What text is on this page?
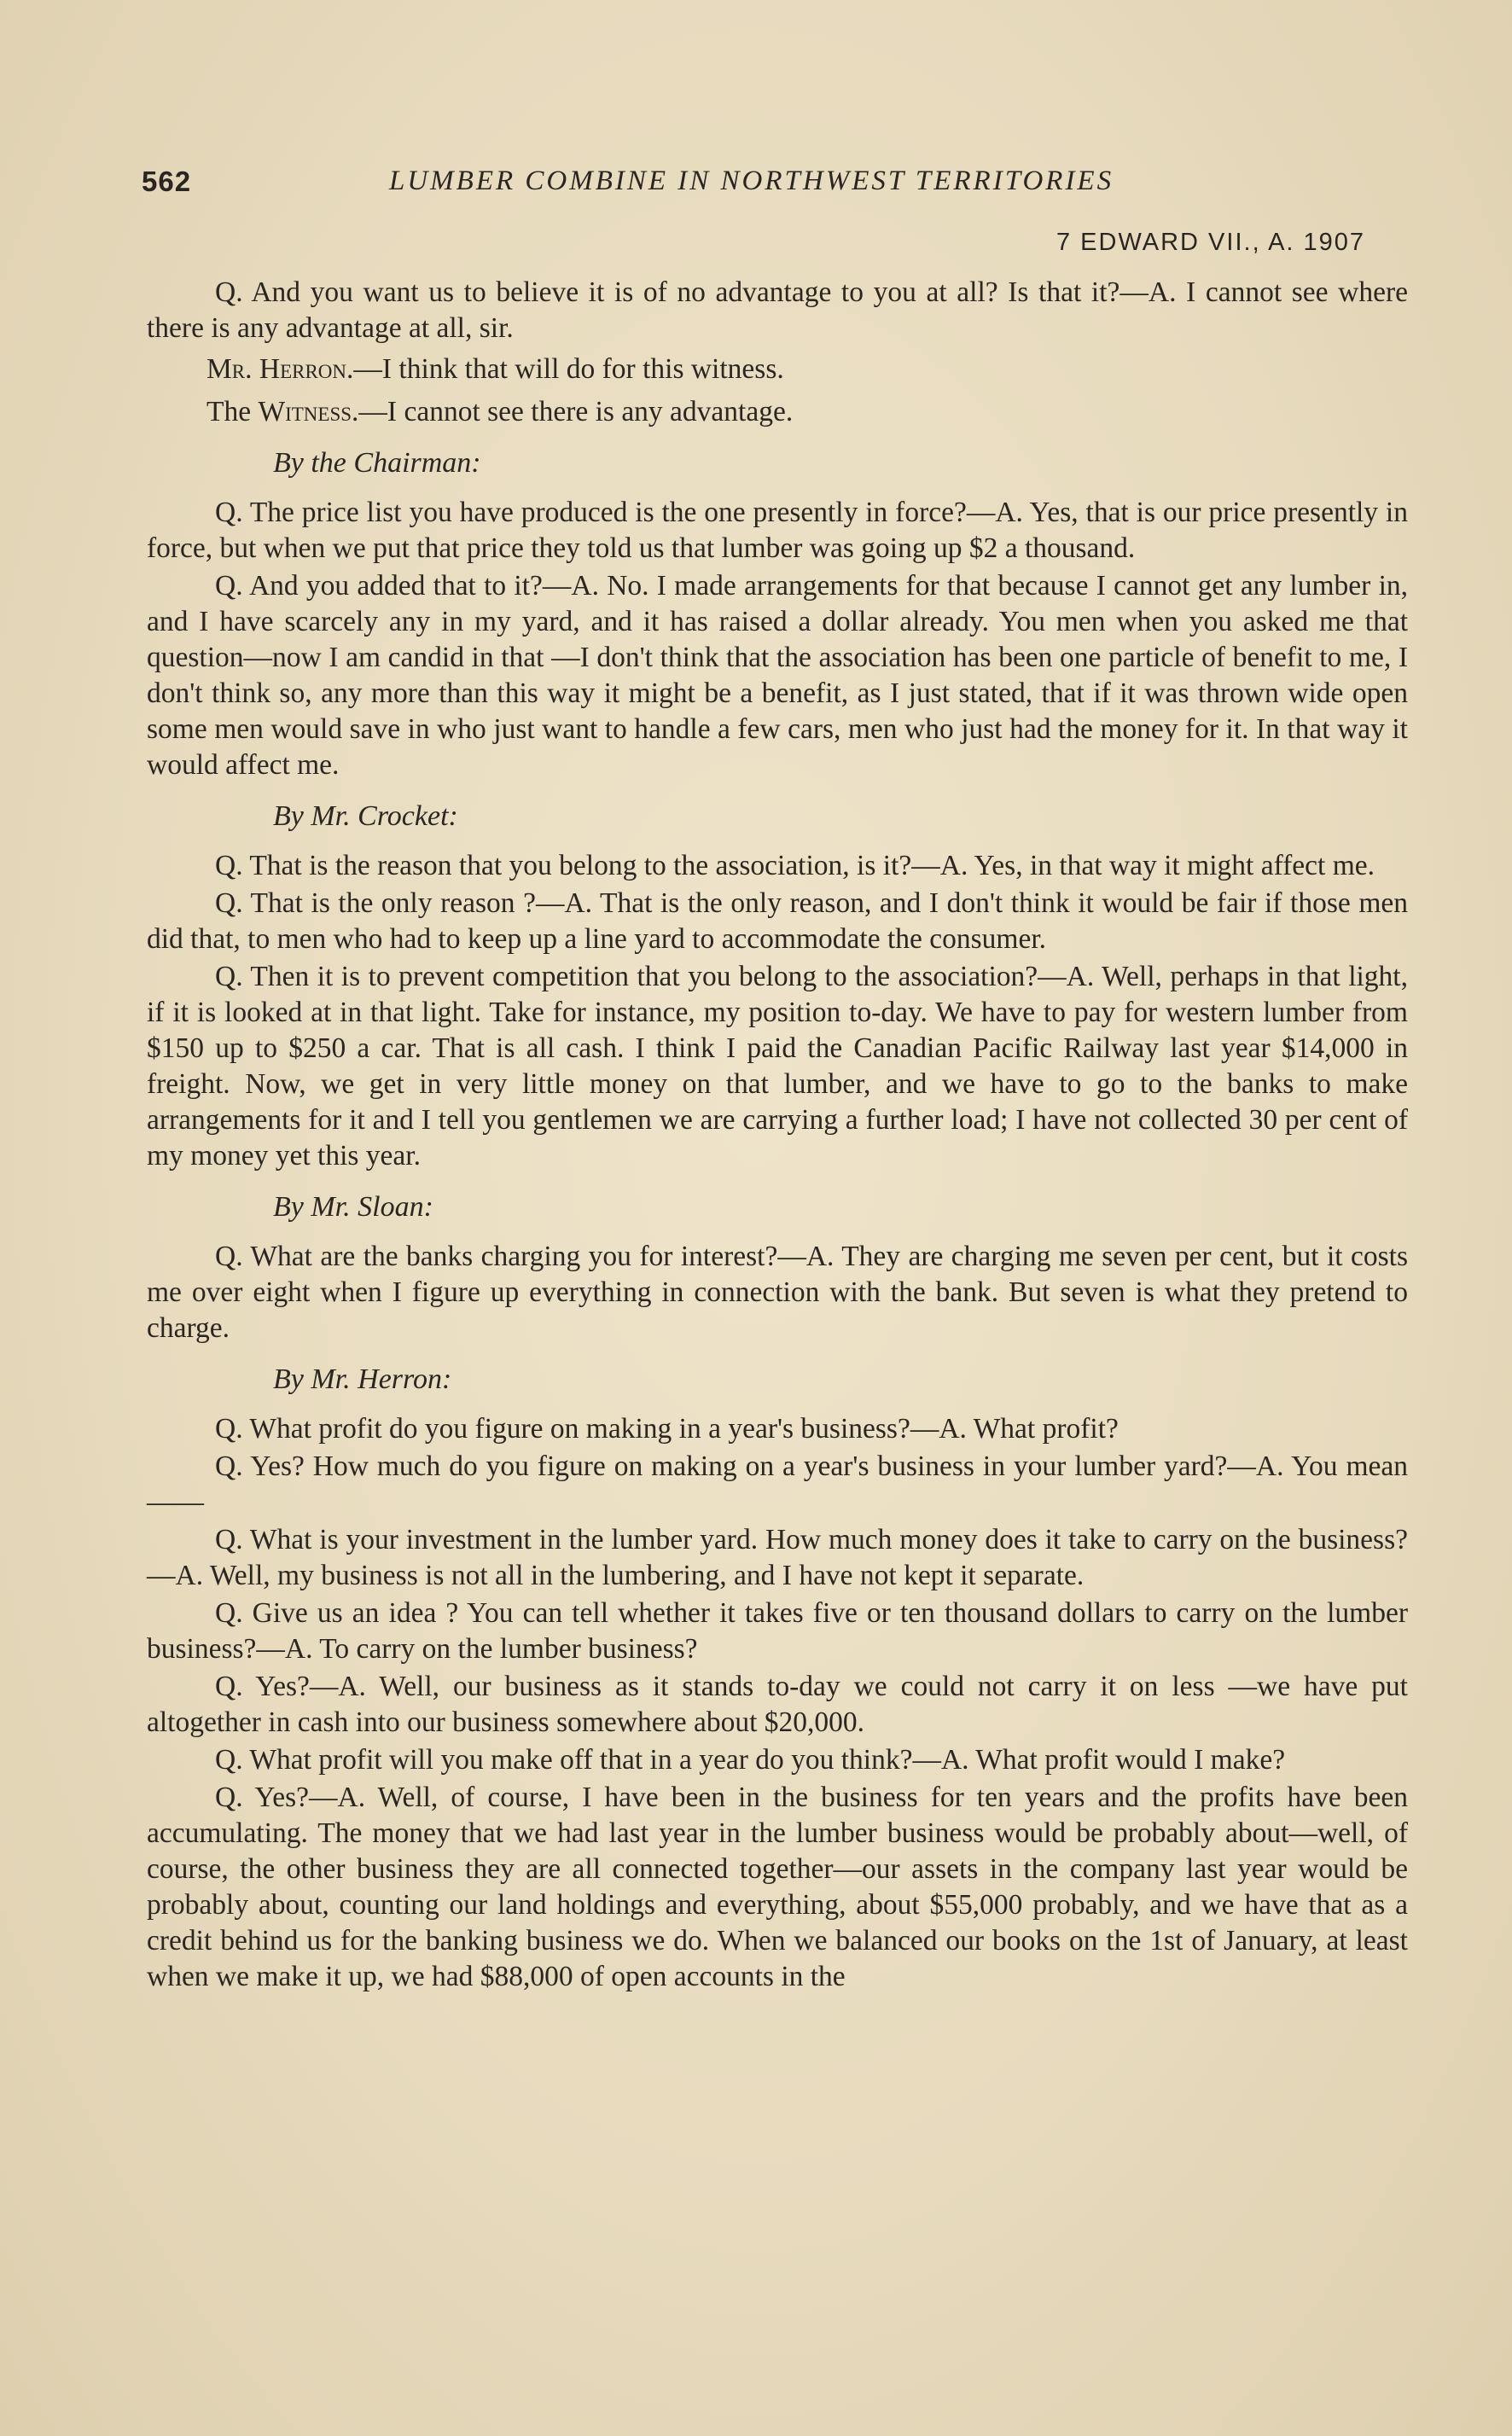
562	LUMBER COMBINE IN NORTHWEST TERRITORIES
7 EDWARD VII., A. 1907

Q. And you want us to believe it is of no advantage to you at all? Is that it?—A. I cannot see where there is any advantage at all, sir.

Mr. Herron.—I think that will do for this witness.

The Witness.—I cannot see there is any advantage.

By the Chairman:

Q. The price list you have produced is the one presently in force?—A. Yes, that is our price presently in force, but when we put that price they told us that lumber was going up $2 a thousand.

Q. And you added that to it?—A. No. I made arrangements for that because I cannot get any lumber in, and I have scarcely any in my yard, and it has raised a dollar already. You men when you asked me that question—now I am candid in that —I don't think that the association has been one particle of benefit to me, I don't think so, any more than this way it might be a benefit, as I just stated, that if it was thrown wide open some men would save in who just want to handle a few cars, men who just had the money for it. In that way it would affect me.

By Mr. Crocket:

Q. That is the reason that you belong to the association, is it?—A. Yes, in that way it might affect me.

Q. That is the only reason ?—A. That is the only reason, and I don't think it would be fair if those men did that, to men who had to keep up a line yard to accommodate the consumer.

Q. Then it is to prevent competition that you belong to the association?—A. Well, perhaps in that light, if it is looked at in that light. Take for instance, my position to-day. We have to pay for western lumber from $150 up to $250 a car. That is all cash. I think I paid the Canadian Pacific Railway last year $14,000 in freight. Now, we get in very little money on that lumber, and we have to go to the banks to make arrangements for it and I tell you gentlemen we are carrying a further load; I have not collected 30 per cent of my money yet this year.

By Mr. Sloan:

Q. What are the banks charging you for interest?—A. They are charging me seven per cent, but it costs me over eight when I figure up everything in connection with the bank. But seven is what they pretend to charge.

By Mr. Herron:

Q. What profit do you figure on making in a year's business?—A. What profit?

Q. Yes? How much do you figure on making on a year's business in your lumber yard?—A. You mean——

Q. What is your investment in the lumber yard. How much money does it take to carry on the business?—A. Well, my business is not all in the lumbering, and I have not kept it separate.

Q. Give us an idea ? You can tell whether it takes five or ten thousand dollars to carry on the lumber business?—A. To carry on the lumber business?

Q. Yes?—A. Well, our business as it stands to-day we could not carry it on less —we have put altogether in cash into our business somewhere about $20,000.

Q. What profit will you make off that in a year do you think?—A. What profit would I make?

Q. Yes?—A. Well, of course, I have been in the business for ten years and the profits have been accumulating. The money that we had last year in the lumber business would be probably about—well, of course, the other business they are all connected together—our assets in the company last year would be probably about, counting our land holdings and everything, about $55,000 probably, and we have that as a credit behind us for the banking business we do. When we balanced our books on the 1st of January, at least when we make it up, we had $88,000 of open accounts in the
